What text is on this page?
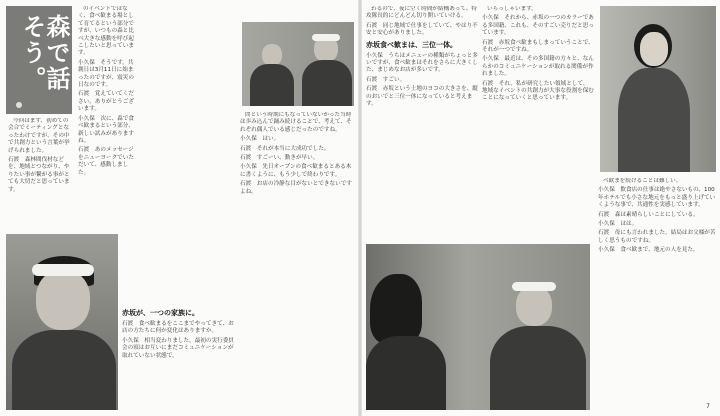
森で話そう。

今回はまず、初めての会合でミーティングとなったわけですが、その中で共創力という言葉が挙げられました。

石渡　森林間伐材などを、地域とつながり、やりたい事が繋がる事がとても大切だと思っています。

のイベントではなく、食べ歓まる場として育てるという部分ですが、いつもの森と比べ大きな感動を呼び起こしたいと思っています。

小久保　そうです。共創日は3月11日に始まったのですが、震災の日なのです。

石渡　覚えていてください。ありがとうございます。

小久保　次に、森で食べ歓まるという部分、新しい試みがありますね。

石渡　あのメッセージをニューヨークでいただいて、感動しました。

赤坂が、一つの家族に。

石渡　食べ歓まるをここまでやってきて、お店の方たちに何か変化はありますか。

小久保　相当変わりました。最初の実行委員会の頃はお互いにまだコミュニケーションが取れていない状態で。

問という時期にもなっていないかった当時は歩み込んで踊み続けることで、考えて、それぞれ偶人でいる感じだったのですね。

小久保　はい。

石渡　それが本当に大成功でした。

石渡　すごーい、動きが早い。

小久保　先日オープンの食べ歓まるとある木に書くように、もう少しで終わりです。

石渡　お店の冷静な目がないとできないですよね。

わるので、夜に空く時間が結構あって、特攻隊長的にどんどん切り開いていける。

石渡　同じ地域で仕事をしていて、やはり不安と安心がありました。

赤坂食べ歓まは、三位一体。

小久保　うちはメニューの種類がちょっと多いですが、食べ歓まはそれをさらに大きくした、まじめなお店が多いです。

石渡　すごい。

石渡　赤坂という土地のヨコの大きさを、縦のおいでと三位一体になっていると考えます。

いらっしゃいます。

小久保　それから、赤坂の一つのカラーである多国籍、これも、そのすごい売りだと思っています。

石渡　赤坂食べ歓まもしまっていうことで、それが一つですね。

小久保　最近は、その多国籍の方々と、なんらかのコミュニケーションが取れる関係が作れました。

石渡　それ、私が研究したい領域として、地域なイベントの共創力が大事な役割を保むことになっていくと思っています。

べ歓まを続けることは難しい。

小久保　飲食店の仕事は絶やさないもの、100年ホテルでも小さな地元をもっと盛り上げていくような事で、共通性を実感しています。

石渡　森は素晴らしいことにしている。

小久保　はは。

石渡　母にも言われました。結局はお父様が苦しく思うものですね。

小久保　食べ歓まで、地元の人を見た。

7
